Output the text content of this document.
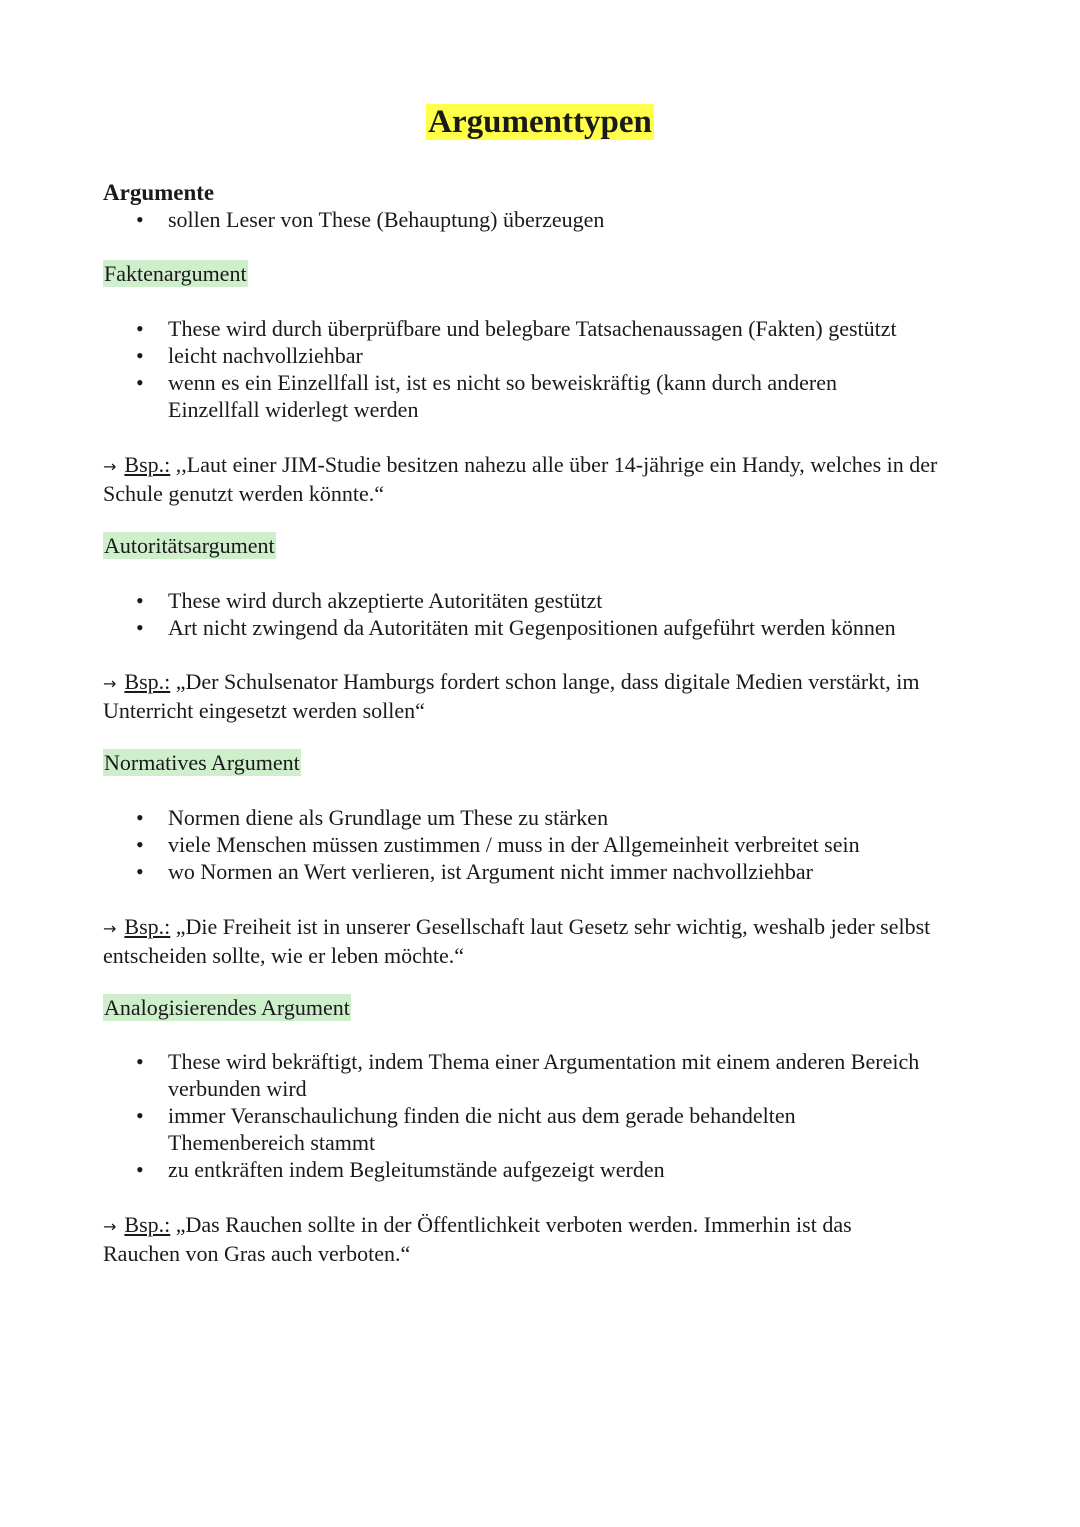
Argumenttypen
Argumente
• sollen Leser von These (Behauptung) überzeugen
Faktenargument
• These wird durch überprüfbare und belegbare Tatsachenaussagen (Fakten) gestützt
• leicht nachvollziehbar
• wenn es ein Einzellfall ist, ist es nicht so beweiskräftig (kann durch anderen Einzellfall widerlegt werden
→ Bsp.: ,,Laut einer JIM-Studie besitzen nahezu alle über 14-jährige ein Handy, welches in der Schule genutzt werden könnte.“
Autoritätsargument
• These wird durch akzeptierte Autoritäten gestützt
• Art nicht zwingend da Autoritäten mit Gegenpositionen aufgeführt werden können
→ Bsp.: „Der Schulsenator Hamburgs fordert schon lange, dass digitale Medien verstärkt, im Unterricht eingesetzt werden sollen“
Normatives Argument
• Normen diene als Grundlage um These zu stärken
• viele Menschen müssen zustimmen / muss in der Allgemeinheit verbreitet sein
• wo Normen an Wert verlieren, ist Argument nicht immer nachvollziehbar
→ Bsp.: „Die Freiheit ist in unserer Gesellschaft laut Gesetz sehr wichtig, weshalb jeder selbst entscheiden sollte, wie er leben möchte.“
Analogisierendes Argument
• These wird bekräftigt, indem Thema einer Argumentation mit einem anderen Bereich verbunden wird
• immer Veranschaulichung finden die nicht aus dem gerade behandelten Themenbereich stammt
• zu entkräften indem Begleitumstände aufgezeigt werden
→ Bsp.: „Das Rauchen sollte in der Öffentlichkeit verboten werden. Immerhin ist das Rauchen von Gras auch verboten.“
